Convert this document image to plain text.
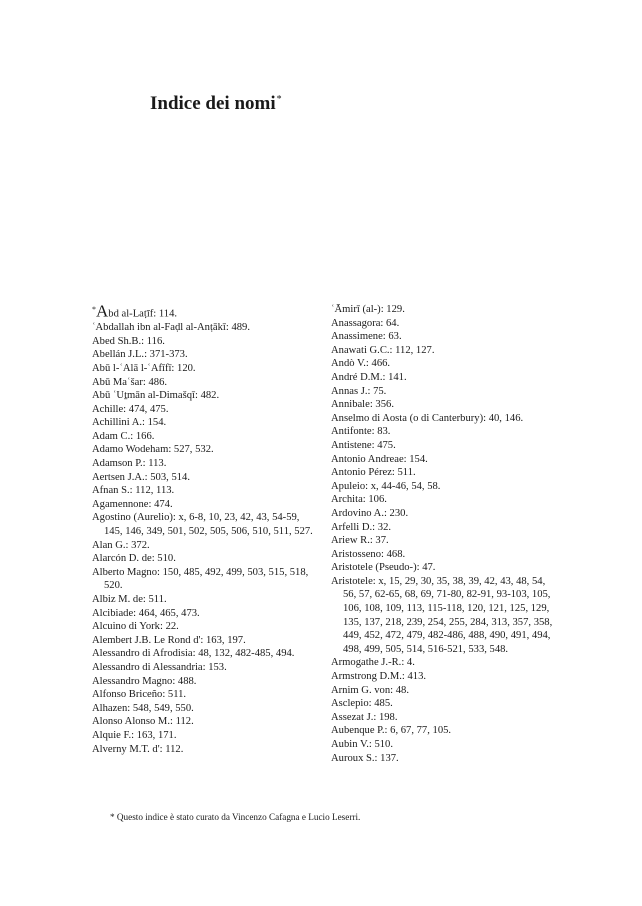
Indice dei nomi*
*Abd al-Laṭīf: 114.
ʿAbdallah ibn al-Faḍl al-Anṭākī: 489.
Abed Sh.B.: 116.
Abellán J.L.: 371-373.
Abū l-ʿAlā l-ʿAfīfī: 120.
Abū Maʿšar: 486.
Abū ʿUṯmān al-Dimašqī: 482.
Achille: 474, 475.
Achillini A.: 154.
Adam C.: 166.
Adamo Wodeham: 527, 532.
Adamson P.: 113.
Aertsen J.A.: 503, 514.
Afnan S.: 112, 113.
Agamennone: 474.
Agostino (Aurelio): x, 6-8, 10, 23, 42, 43, 54-59, 145, 146, 349, 501, 502, 505, 506, 510, 511, 527.
Alan G.: 372.
Alarcón D. de: 510.
Alberto Magno: 150, 485, 492, 499, 503, 515, 518, 520.
Albiz M. de: 511.
Alcibiade: 464, 465, 473.
Alcuino di York: 22.
Alembert J.B. Le Rond d': 163, 197.
Alessandro di Afrodisia: 48, 132, 482-485, 494.
Alessandro di Alessandria: 153.
Alessandro Magno: 488.
Alfonso Briceño: 511.
Alhazen: 548, 549, 550.
Alonso Alonso M.: 112.
Alquie F.: 163, 171.
Alverny M.T. d': 112.
ʿĀmirī (al-): 129.
Anassagora: 64.
Anassimene: 63.
Anawati G.C.: 112, 127.
Andò V.: 466.
André D.M.: 141.
Annas J.: 75.
Annibale: 356.
Anselmo di Aosta (o di Canterbury): 40, 146.
Antifonte: 83.
Antistene: 475.
Antonio Andreae: 154.
Antonio Pérez: 511.
Apuleio: x, 44-46, 54, 58.
Archita: 106.
Ardovino A.: 230.
Arfelli D.: 32.
Ariew R.: 37.
Aristosseno: 468.
Aristotele (Pseudo-): 47.
Aristotele: x, 15, 29, 30, 35, 38, 39, 42, 43, 48, 54, 56, 57, 62-65, 68, 69, 71-80, 82-91, 93-103, 105, 106, 108, 109, 113, 115-118, 120, 121, 125, 129, 135, 137, 218, 239, 254, 255, 284, 313, 357, 358, 449, 452, 472, 479, 482-486, 488, 490, 491, 494, 498, 499, 505, 514, 516-521, 533, 548.
Armogathe J.-R.: 4.
Armstrong D.M.: 413.
Arnim G. von: 48.
Asclepio: 485.
Assezat J.: 198.
Aubenque P.: 6, 67, 77, 105.
Aubin V.: 510.
Auroux S.: 137.
* Questo indice è stato curato da Vincenzo Cafagna e Lucio Leserri.
